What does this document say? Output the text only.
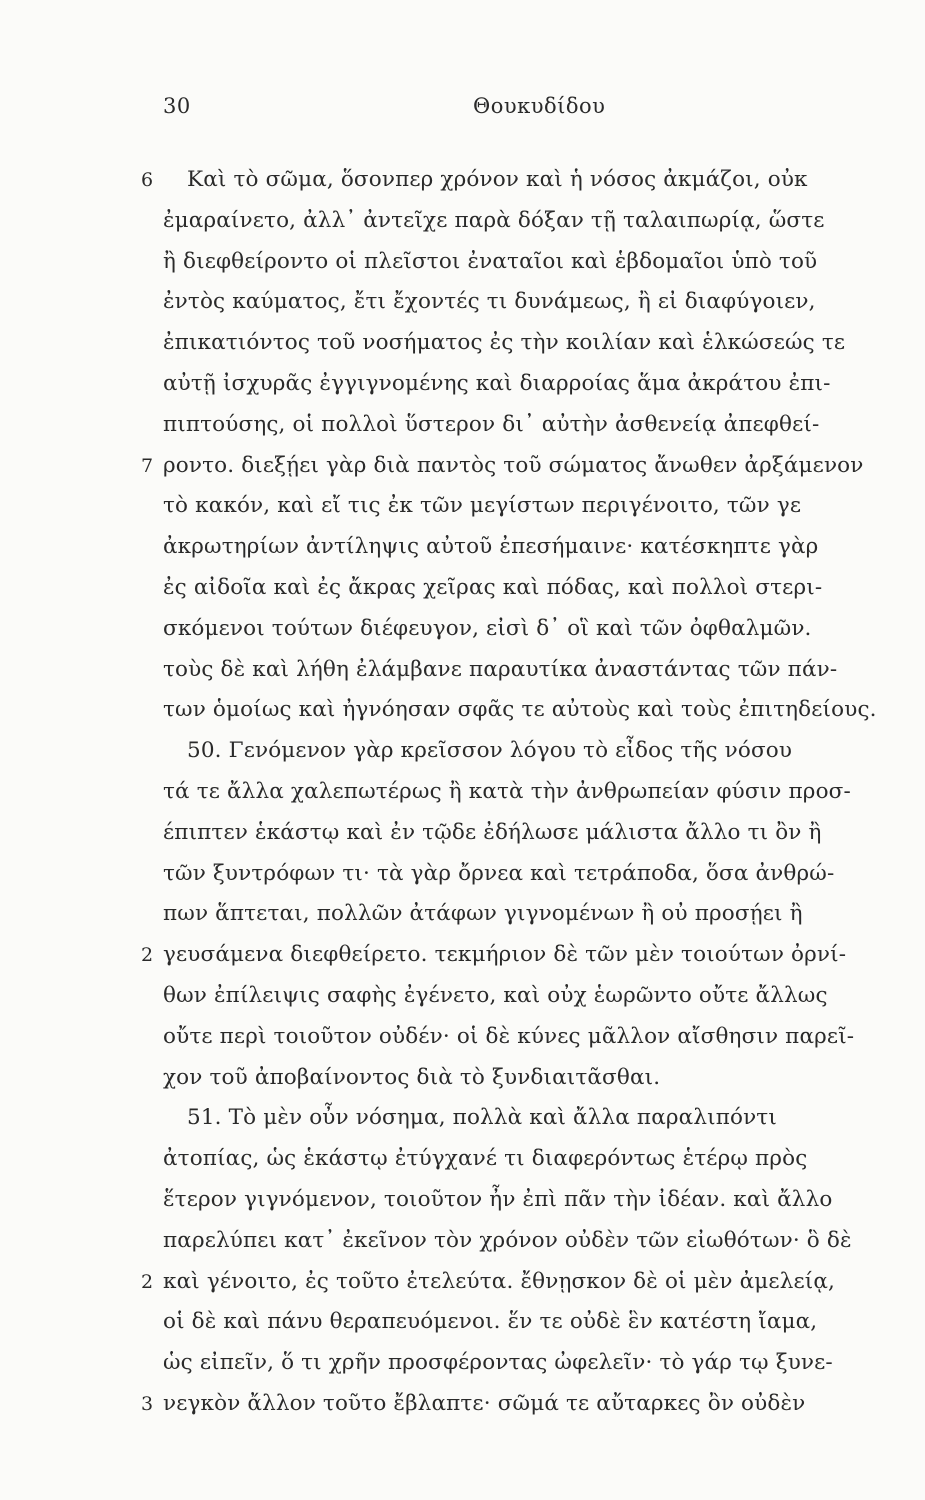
30	Θουκυδίδου
6 Καὶ τὸ σῶμα, ὅσονπερ χρόνον καὶ ἡ νόσος ἀκμάζοι, οὐκ
ἐμαραίνετο, ἀλλ᾿ ἀντεῖχε παρὰ δόξαν τῇ ταλαιπωρίᾳ, ὥστε
ἢ διεφθείροντο οἱ πλεῖστοι ἐναταῖοι καὶ ἑβδομαῖοι ὑπὸ τοῦ
ἐντὸς καύματος, ἔτι ἔχοντές τι δυνάμεως, ἢ εἰ διαφύγοιεν,
ἐπικατιόντος τοῦ νοσήματος ἐς τὴν κοιλίαν καὶ ἑλκώσεώς τε
αὐτῇ ἰσχυρᾶς ἐγγιγνομένης καὶ διαρροίας ἅμα ἀκράτου ἐπι-
πιπτούσης, οἱ πολλοὶ ὕστερον δι᾿ αὐτὴν ἀσθενείᾳ ἀπεφθεί-
7 ροντο. διεξῄει γὰρ διὰ παντὸς τοῦ σώματος ἄνωθεν ἀρξάμενον
τὸ κακόν, καὶ εἴ τις ἐκ τῶν μεγίστων περιγένοιτο, τῶν γε
ἀκρωτηρίων ἀντίληψις αὐτοῦ ἐπεσήμαινε· κατέσκηπτε γὰρ
ἐς αἰδοῖα καὶ ἐς ἄκρας χεῖρας καὶ πόδας, καὶ πολλοὶ στερι-
σκόμενοι τούτων διέφευγον, εἰσὶ δ᾿ οἳ καὶ τῶν ὀφθαλμῶν.
τοὺς δὲ καὶ λήθη ἐλάμβανε παραυτίκα ἀναστάντας τῶν πάν-
των ὁμοίως καὶ ἠγνόησαν σφᾶς τε αὐτοὺς καὶ τοὺς ἐπιτηδείους.
50. Γενόμενον γὰρ κρεῖσσον λόγου τὸ εἶδος τῆς νόσου
τά τε ἄλλα χαλεπωτέρως ἢ κατὰ τὴν ἀνθρωπείαν φύσιν προσ-
έπιπτεν ἑκάστῳ καὶ ἐν τῷδε ἐδήλωσε μάλιστα ἄλλο τι ὂν ἢ
τῶν ξυντρόφων τι· τὰ γὰρ ὄρνεα καὶ τετράποδα, ὅσα ἀνθρώ-
πων ἅπτεται, πολλῶν ἀτάφων γιγνομένων ἢ οὐ προσῄει ἢ
2 γευσάμενα διεφθείρετο. τεκμήριον δὲ τῶν μὲν τοιούτων ὀρνί-
θων ἐπίλειψις σαφὴς ἐγένετο, καὶ οὐχ ἑωρῶντο οὔτε ἄλλως
οὔτε περὶ τοιοῦτον οὐδέν· οἱ δὲ κύνες μᾶλλον αἴσθησιν παρεῖ-
χον τοῦ ἀποβαίνοντος διὰ τὸ ξυνδιαιτᾶσθαι.
51. Τὸ μὲν οὖν νόσημα, πολλὰ καὶ ἄλλα παραλιπόντι
ἀτοπίας, ὡς ἑκάστῳ ἐτύγχανέ τι διαφερόντως ἑτέρῳ πρὸς
ἕτερον γιγνόμενον, τοιοῦτον ἦν ἐπὶ πᾶν τὴν ἰδέαν. καὶ ἄλλο
παρελύπει κατ᾿ ἐκεῖνον τὸν χρόνον οὐδὲν τῶν εἰωθότων· ὃ δὲ
2 καὶ γένοιτο, ἐς τοῦτο ἐτελεύτα. ἔθνῃσκον δὲ οἱ μὲν ἀμελείᾳ,
οἱ δὲ καὶ πάνυ θεραπευόμενοι. ἕν τε οὐδὲ ἓν κατέστη ἴαμα,
ὡς εἰπεῖν, ὅ τι χρῆν προσφέροντας ὠφελεῖν· τὸ γάρ τῳ ξυνε-
3 νεγκὸν ἄλλον τοῦτο ἔβλαπτε· σῶμά τε αὔταρκες ὂν οὐδὲν
